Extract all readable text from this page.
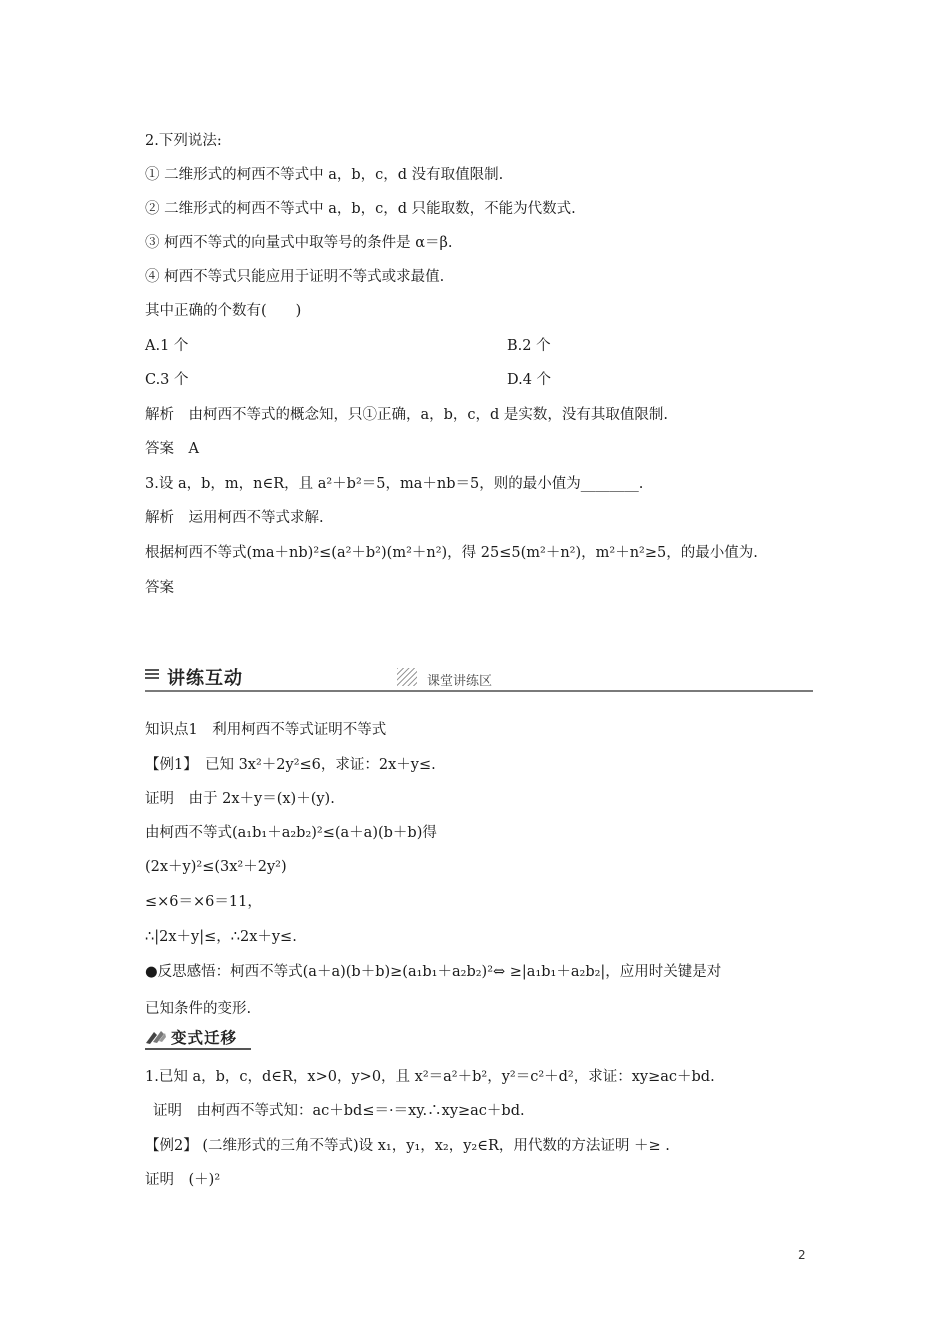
2.下列说法:
① 二维形式的柯西不等式中 a，b，c，d 没有取值限制.
② 二维形式的柯西不等式中 a，b，c，d 只能取数，不能为代数式.
③ 柯西不等式的向量式中取等号的条件是 α＝β.
④ 柯西不等式只能应用于证明不等式或求最值.
其中正确的个数有(　　)
A.1 个	B.2 个
C.3 个	D.4 个
解析　由柯西不等式的概念知，只①正确，a，b，c，d 是实数，没有其取值限制.
答案　A
3.设 a，b，m，n∈R，且 a²＋b²＝5，ma＋nb＝5，则的最小值为________.
解析　运用柯西不等式求解.
根据柯西不等式(ma＋nb)²≤(a²＋b²)(m²＋n²)，得 25≤5(m²＋n²)，m²＋n²≥5，的最小值为.
答案
讲练互动	课堂讲练区
知识点1　利用柯西不等式证明不等式
【例1】　已知 3x²＋2y²≤6，求证：2x＋y≤.
证明　由于 2x＋y＝(x)＋(y).
由柯西不等式(a₁b₁＋a₂b₂)²≤(a＋a)(b＋b)得
(2x＋y)²≤(3x²＋2y²)
≤×6＝×6＝11，
∴|2x＋y|≤，∴2x＋y≤.
●反思感悟：柯西不等式(a＋a)(b＋b)≥(a₁b₁＋a₂b₂)²⇔ ≥|a₁b₁＋a₂b₂|，应用时关键是对
已知条件的变形.
变式迁移
1.已知 a，b，c，d∈R，x>0，y>0，且 x²＝a²＋b²，y²＝c²＋d²，求证：xy≥ac＋bd.
证明　由柯西不等式知：ac＋bd≤＝·＝xy.∴xy≥ac＋bd.
【例2】 (二维形式的三角不等式)设 x₁，y₁，x₂，y₂∈R，用代数的方法证明 ＋≥ .
证明　(＋)²
2
